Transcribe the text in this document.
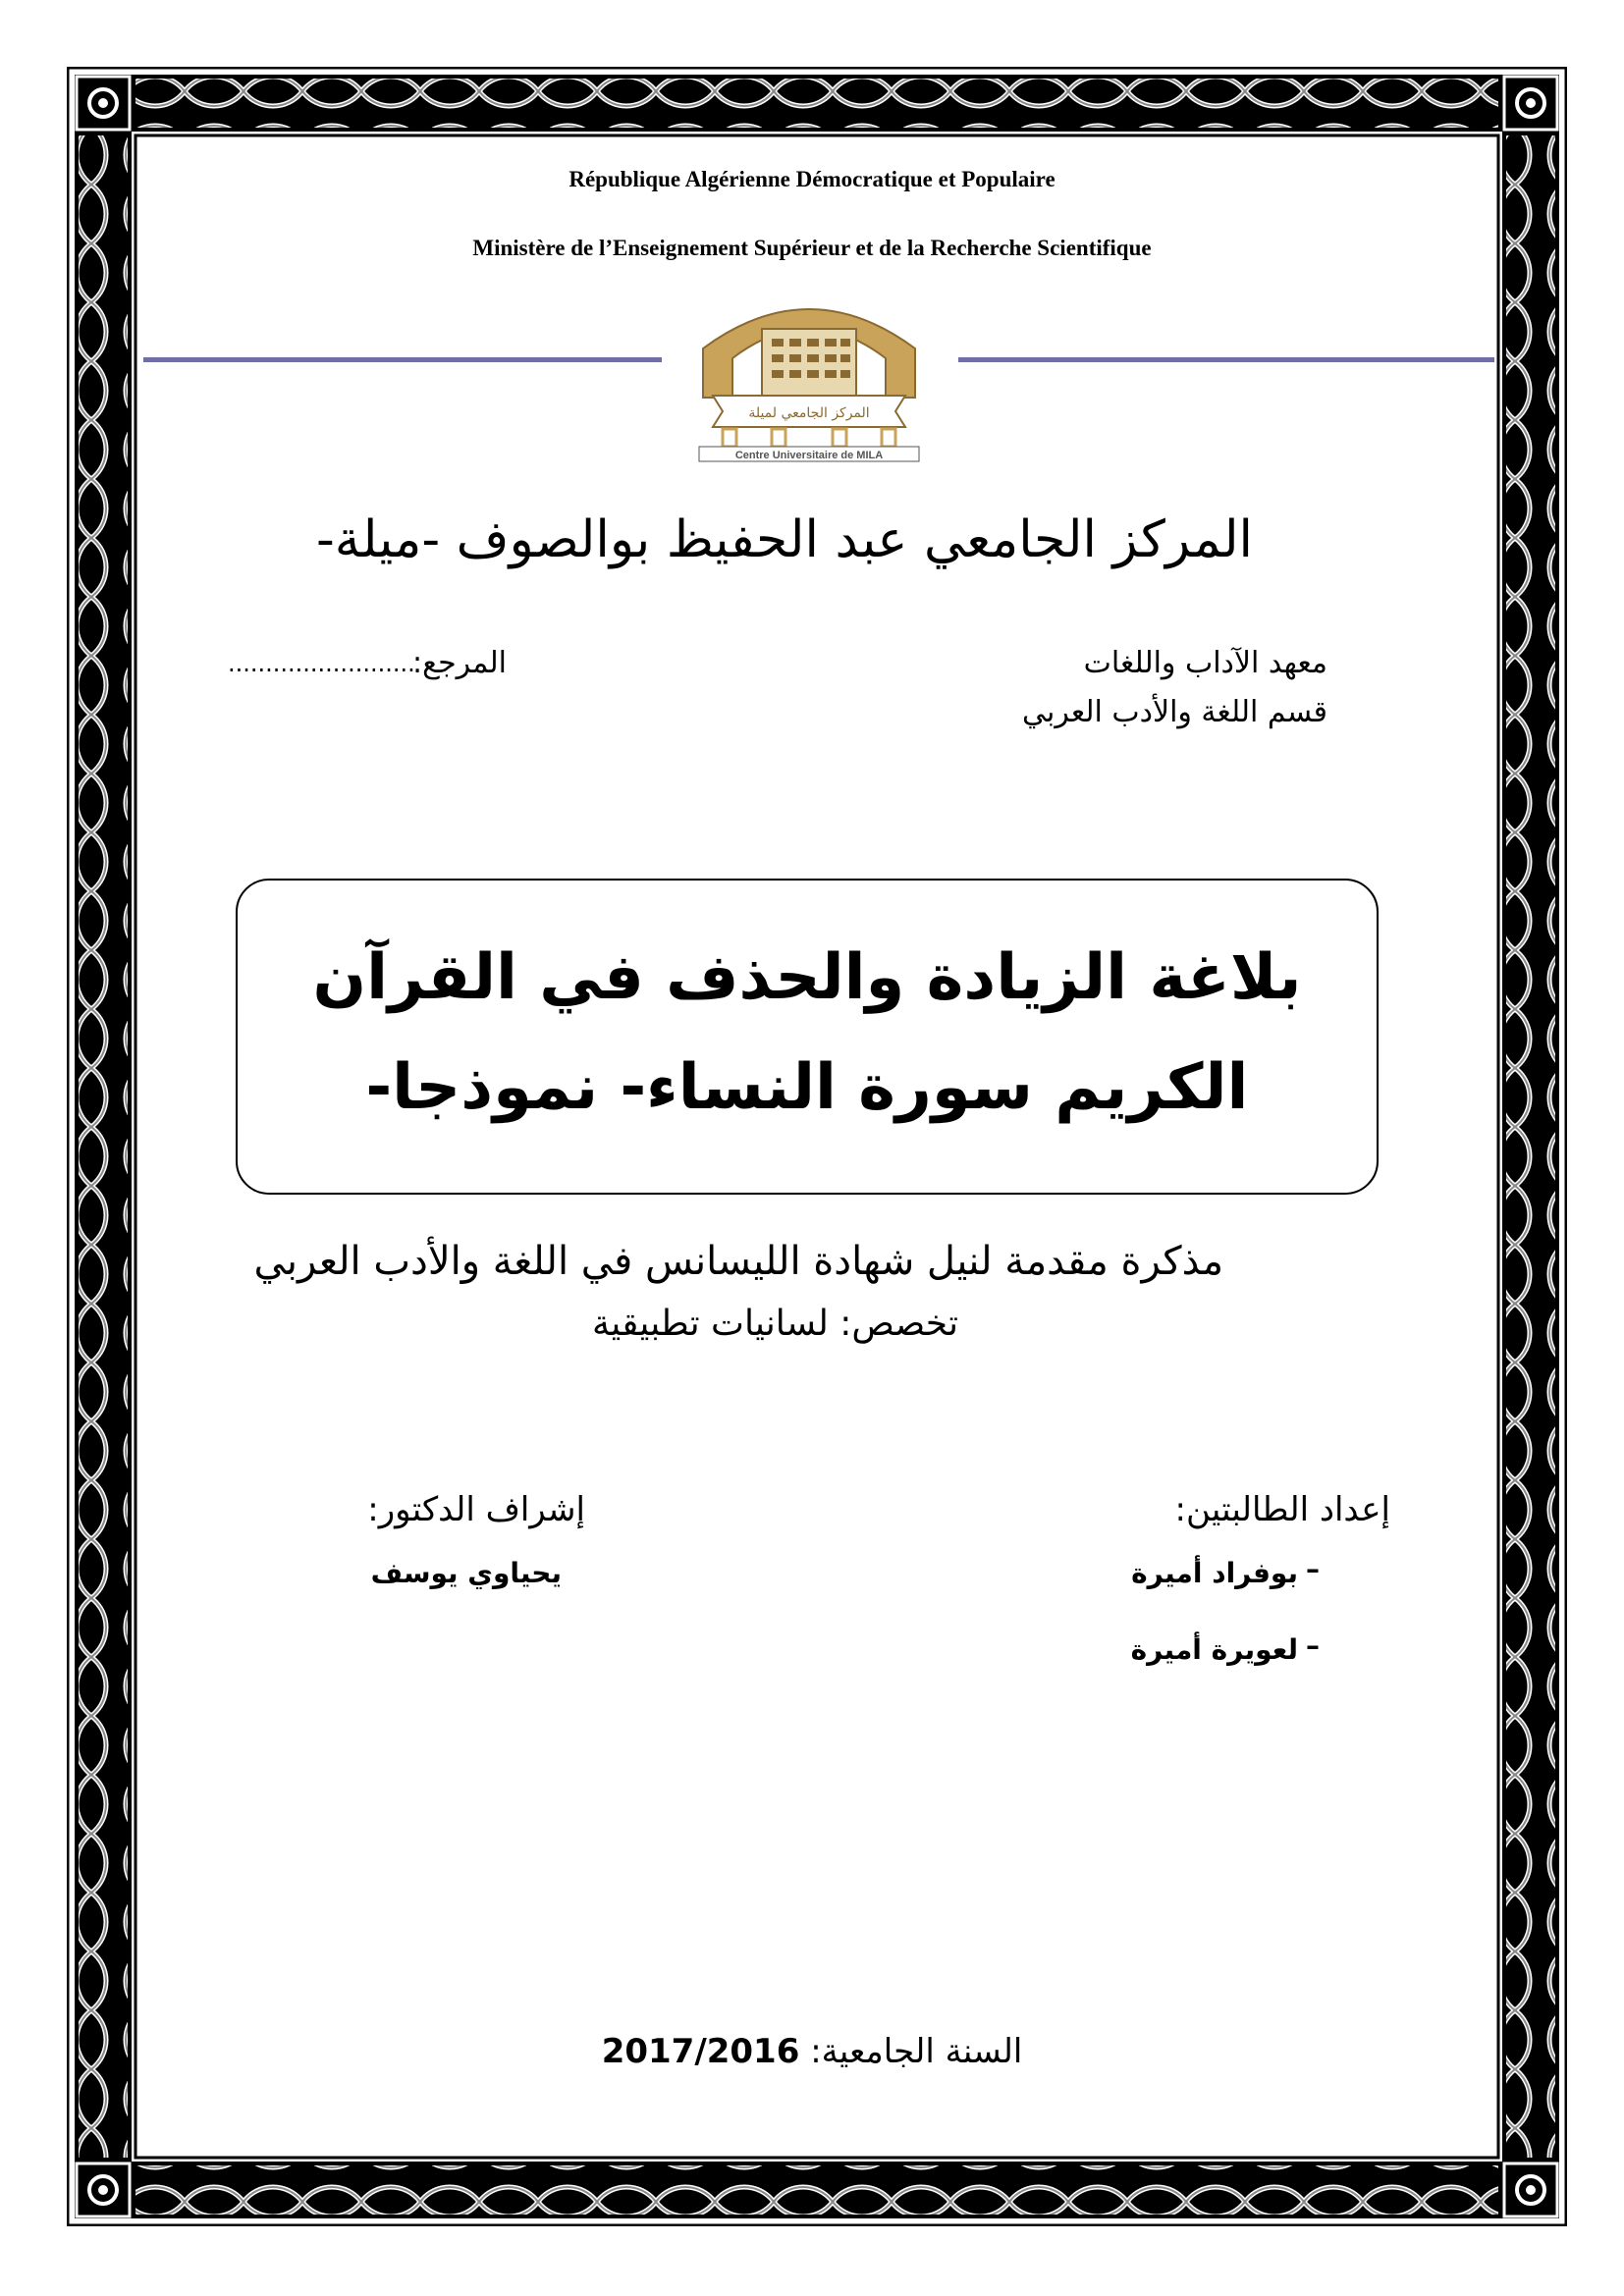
République Algérienne Démocratique et Populaire
Ministère de l’Enseignement Supérieur et de la Recherche Scientifique
المركز الجامعي لميلة
Centre Universitaire de MILA
المركز الجامعي عبد الحفيظ بوالصوف -ميلة-
معهد الآداب واللغات
قسم اللغة والأدب العربي
المرجع:
.........................
بلاغة الزيادة والحذف في القرآن
الكريم سورة النساء- نموذجا-
مذكرة مقدمة لنيل شهادة الليسانس في اللغة والأدب العربي
تخصص: لسانيات تطبيقية
إعداد الطالبتين:
إشراف الدكتور:
–
بوفراد أميرة
–
لعويرة أميرة
يحياوي يوسف
السنة الجامعية: 2017/2016
